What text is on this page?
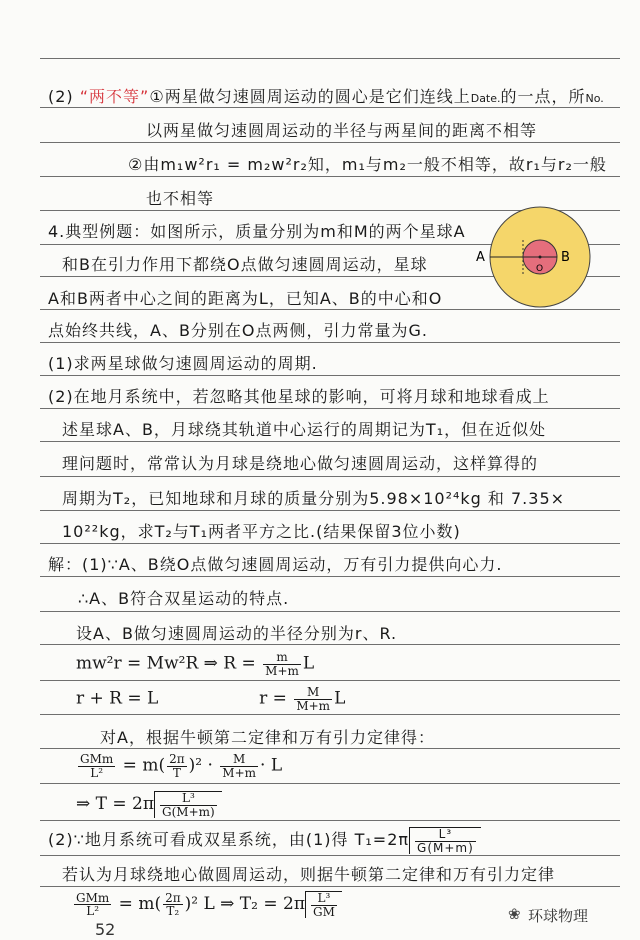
(2) “两不等”①两星做匀速圆周运动的圆心是它们连线上Date.的一点，所No.
以两星做匀速圆周运动的半径与两星间的距离不相等
②由m₁w²r₁ = m₂w²r₂知，m₁与m₂一般不相等，故r₁与r₂一般
也不相等
4.典型例题：如图所示，质量分别为m和M的两个星球A
和B在引力作用下都绕O点做匀速圆周运动，星球
A和B两者中心之间的距离为L，已知A、B的中心和O
点始终共线，A、B分别在O点两侧，引力常量为G.
(1)求两星球做匀速圆周运动的周期.
(2)在地月系统中，若忽略其他星球的影响，可将月球和地球看成上
述星球A、B，月球绕其轨道中心运行的周期记为T₁，但在近似处
理问题时，常常认为月球是绕地心做匀速圆周运动，这样算得的
周期为T₂，已知地球和月球的质量分别为5.98×10²⁴kg 和 7.35×
10²²kg，求T₂与T₁两者平方之比.(结果保留3位小数)
解：(1)∵A、B绕O点做匀速圆周运动，万有引力提供向心力.
∴A、B符合双星运动的特点.
设A、B做匀速圆周运动的半径分别为r、R.
mw²r = Mw²R ⇒ $R = \frac{m}{M+m}$ L
r + R = L	$r = \frac{M}{M+m}$ L
对A，根据牛顿第二定律和万有引力定律得：
$\frac{\text{GMm}}{\text{L²}} = m( \frac{2\pi}{T} )^2 \cdot \frac{M}{M+m} \cdot L$
⇒ $T = 2\pi \frac{\text{L³}}{G(M+m)}$
(2)∵地月系统可看成双星系统，由(1)得 $T_1=2\pi \frac{\text{L³}}{G(M+m)}$
若认为月球绕地心做圆周运动，则据牛顿第二定律和万有引力定律
$\frac{\text{GMm}}{\text{L²}} = m( \frac{2\pi}{\text{T₂}} )^2$ L ⇒ $T_2 = 2\pi \frac{\text{L³}}{GM}$
A	B
O
52
❀ 环球物理
